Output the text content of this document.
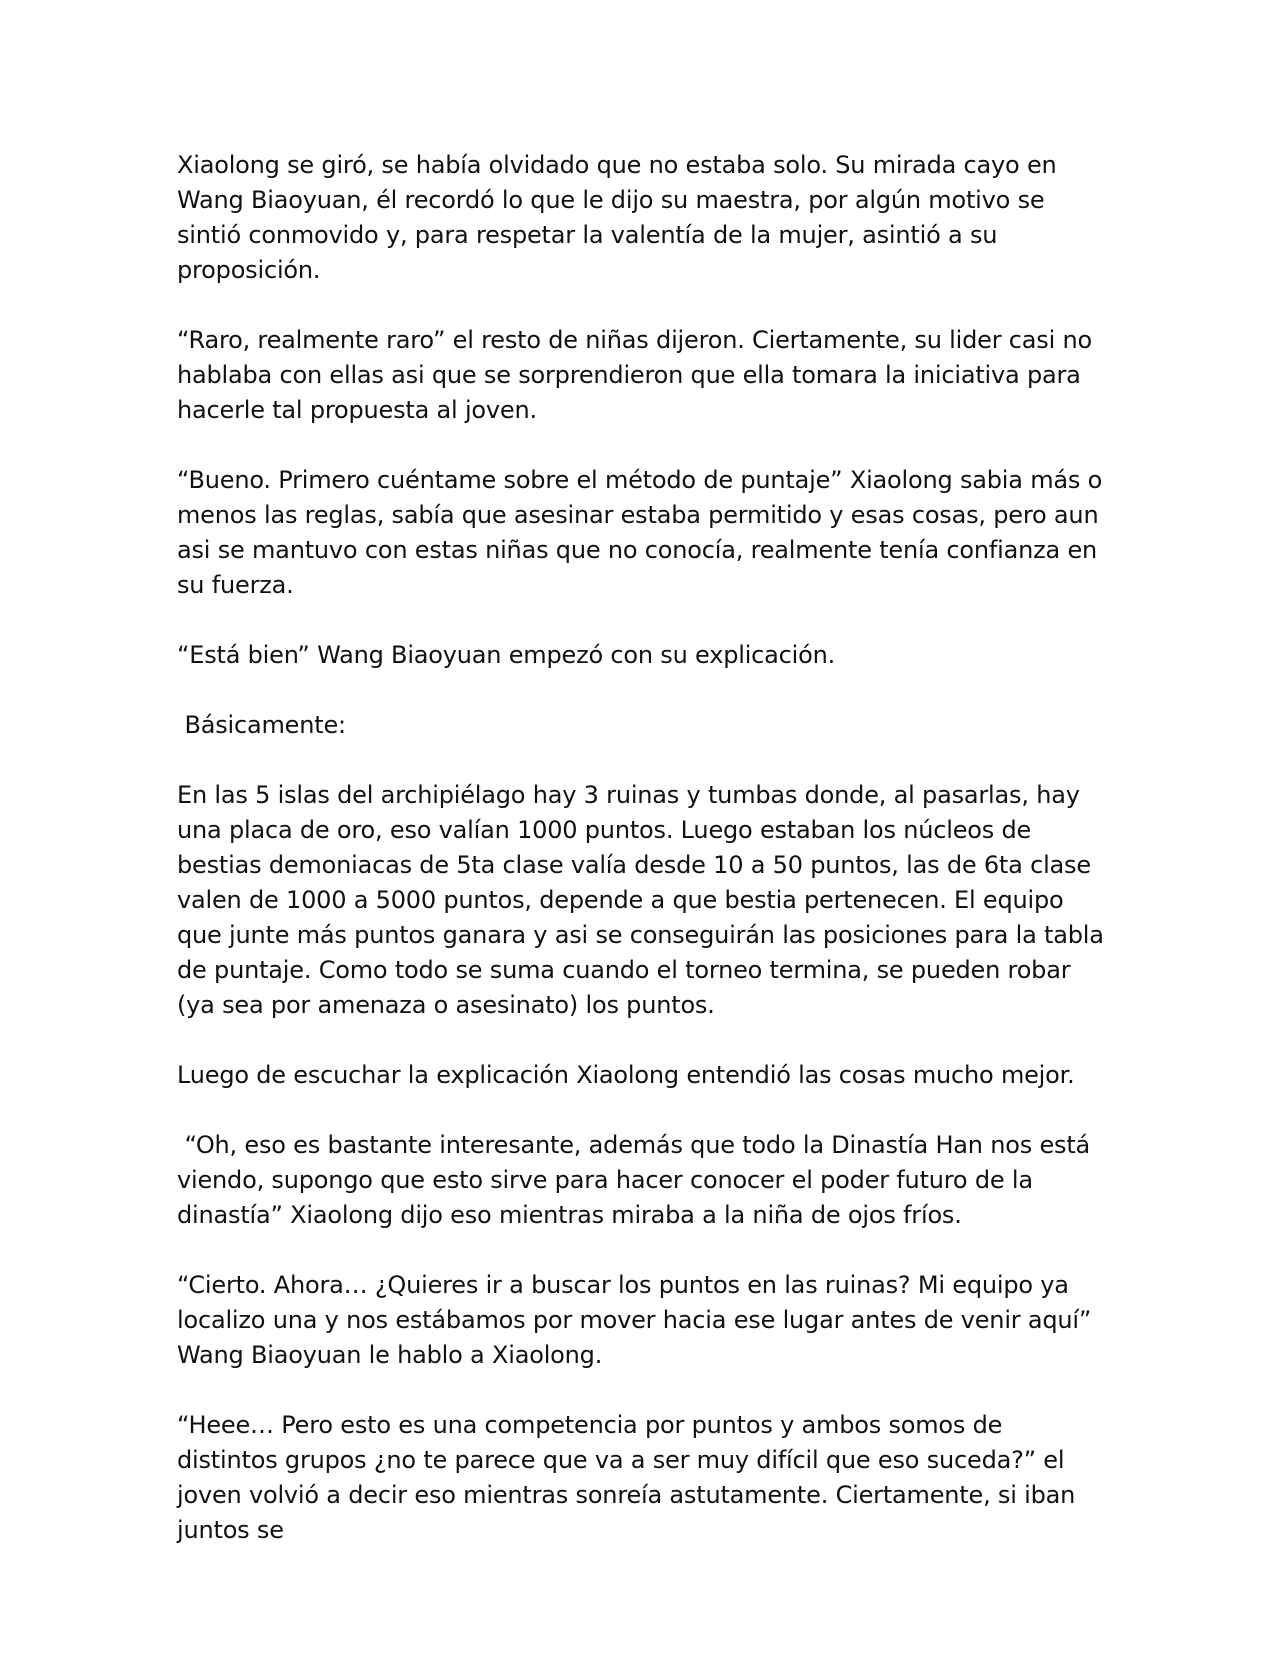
Xiaolong se giró, se había olvidado que no estaba solo. Su mirada cayo en Wang Biaoyuan, él recordó lo que le dijo su maestra, por algún motivo se sintió conmovido y, para respetar la valentía de la mujer, asintió a su proposición.

“Raro, realmente raro” el resto de niñas dijeron. Ciertamente, su lider casi no hablaba con ellas asi que se sorprendieron que ella tomara la iniciativa para hacerle tal propuesta al joven.

“Bueno. Primero cuéntame sobre el método de puntaje” Xiaolong sabia más o menos las reglas, sabía que asesinar estaba permitido y esas cosas, pero aun asi se mantuvo con estas niñas que no conocía, realmente tenía confianza en su fuerza.

“Está bien” Wang Biaoyuan empezó con su explicación.

Básicamente:

En las 5 islas del archipiélago hay 3 ruinas y tumbas donde, al pasarlas, hay una placa de oro, eso valían 1000 puntos. Luego estaban los núcleos de bestias demoniacas de 5ta clase valía desde 10 a 50 puntos, las de 6ta clase valen de 1000 a 5000 puntos, depende a que bestia pertenecen. El equipo que junte más puntos ganara y asi se conseguirán las posiciones para la tabla de puntaje. Como todo se suma cuando el torneo termina, se pueden robar (ya sea por amenaza o asesinato) los puntos.

Luego de escuchar la explicación Xiaolong entendió las cosas mucho mejor.

“Oh, eso es bastante interesante, además que todo la Dinastía Han nos está viendo, supongo que esto sirve para hacer conocer el poder futuro de la dinastía” Xiaolong dijo eso mientras miraba a la niña de ojos fríos.

“Cierto. Ahora… ¿Quieres ir a buscar los puntos en las ruinas? Mi equipo ya localizo una y nos estábamos por mover hacia ese lugar antes de venir aquí” Wang Biaoyuan le hablo a Xiaolong.

“Heee… Pero esto es una competencia por puntos y ambos somos de distintos grupos ¿no te parece que va a ser muy difícil que eso suceda?” el joven volvió a decir eso mientras sonreía astutamente. Ciertamente, si iban juntos se
